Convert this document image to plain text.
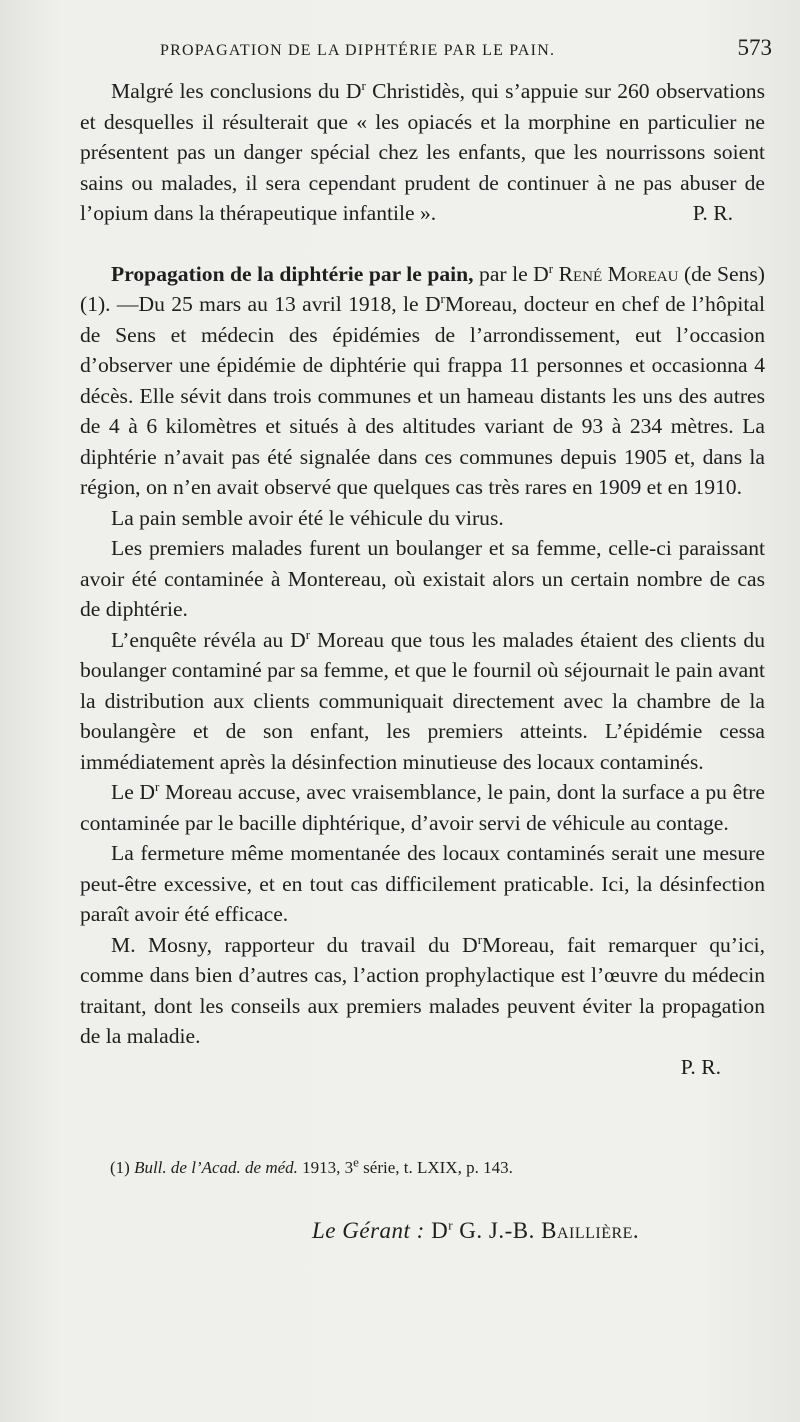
PROPAGATION DE LA DIPHTÉRIE PAR LE PAIN.	573

Malgré les conclusions du $D^r$ Christidès, qui s’appuie sur 260 observations et desquelles il résulterait que « les opiacés et la morphine en particulier ne présentent pas un danger spécial chez les enfants, que les nourrissons soient sains ou malades, il sera cependant prudent de continuer à ne pas abuser de l’opium dans la thérapeutique infantile ».	P. R.

Propagation de la diphtérie par le pain, par le $D^r$ René Moreau (de Sens) (1). —Du 25 mars au 13 avril 1918, le $D^rMoreau$, docteur en chef de l’hôpital de Sens et médecin des épidémies de l’arrondissement, eut l’occasion d’observer une épidémie de diphtérie qui frappa 11 personnes et occasionna 4 décès. Elle sévit dans trois communes et un hameau distants les uns des autres de 4 à 6 kilomètres et situés à des altitudes variant de 93 à 234 mètres. La diphtérie n’avait pas été signalée dans ces communes depuis 1905 et, dans la région, on n’en avait observé que quelques cas très rares en 1909 et en 1910.

La pain semble avoir été le véhicule du virus.

Les premiers malades furent un boulanger et sa femme, celle-ci paraissant avoir été contaminée à Montereau, où existait alors un certain nombre de cas de diphtérie.

L’enquête révéla au $D^r$ Moreau que tous les malades étaient des clients du boulanger contaminé par sa femme, et que le fournil où séjournait le pain avant la distribution aux clients communiquait directement avec la chambre de la boulangère et de son enfant, les premiers atteints. L’épidémie cessa immédiatement après la désinfection minutieuse des locaux contaminés.

Le $D^r$ Moreau accuse, avec vraisemblance, le pain, dont la surface a pu être contaminée par le bacille diphtérique, d’avoir servi de véhicule au contage.

La fermeture même momentanée des locaux contaminés serait une mesure peut-être excessive, et en tout cas difficilement praticable. Ici, la désinfection paraît avoir été efficace.

M. Mosny, rapporteur du travail du $D^rMoreau$, fait remarquer qu’ici, comme dans bien d’autres cas, l’action prophylactique est l’œuvre du médecin traitant, dont les conseils aux premiers malades peuvent éviter la propagation de la maladie.

P. R.

(1) Bull. de l’Acad. de méd. 1913, 3e série, t. LXIX, p. 143.
Le Gérant : $D^r$ G. J.-B. Baillière.
